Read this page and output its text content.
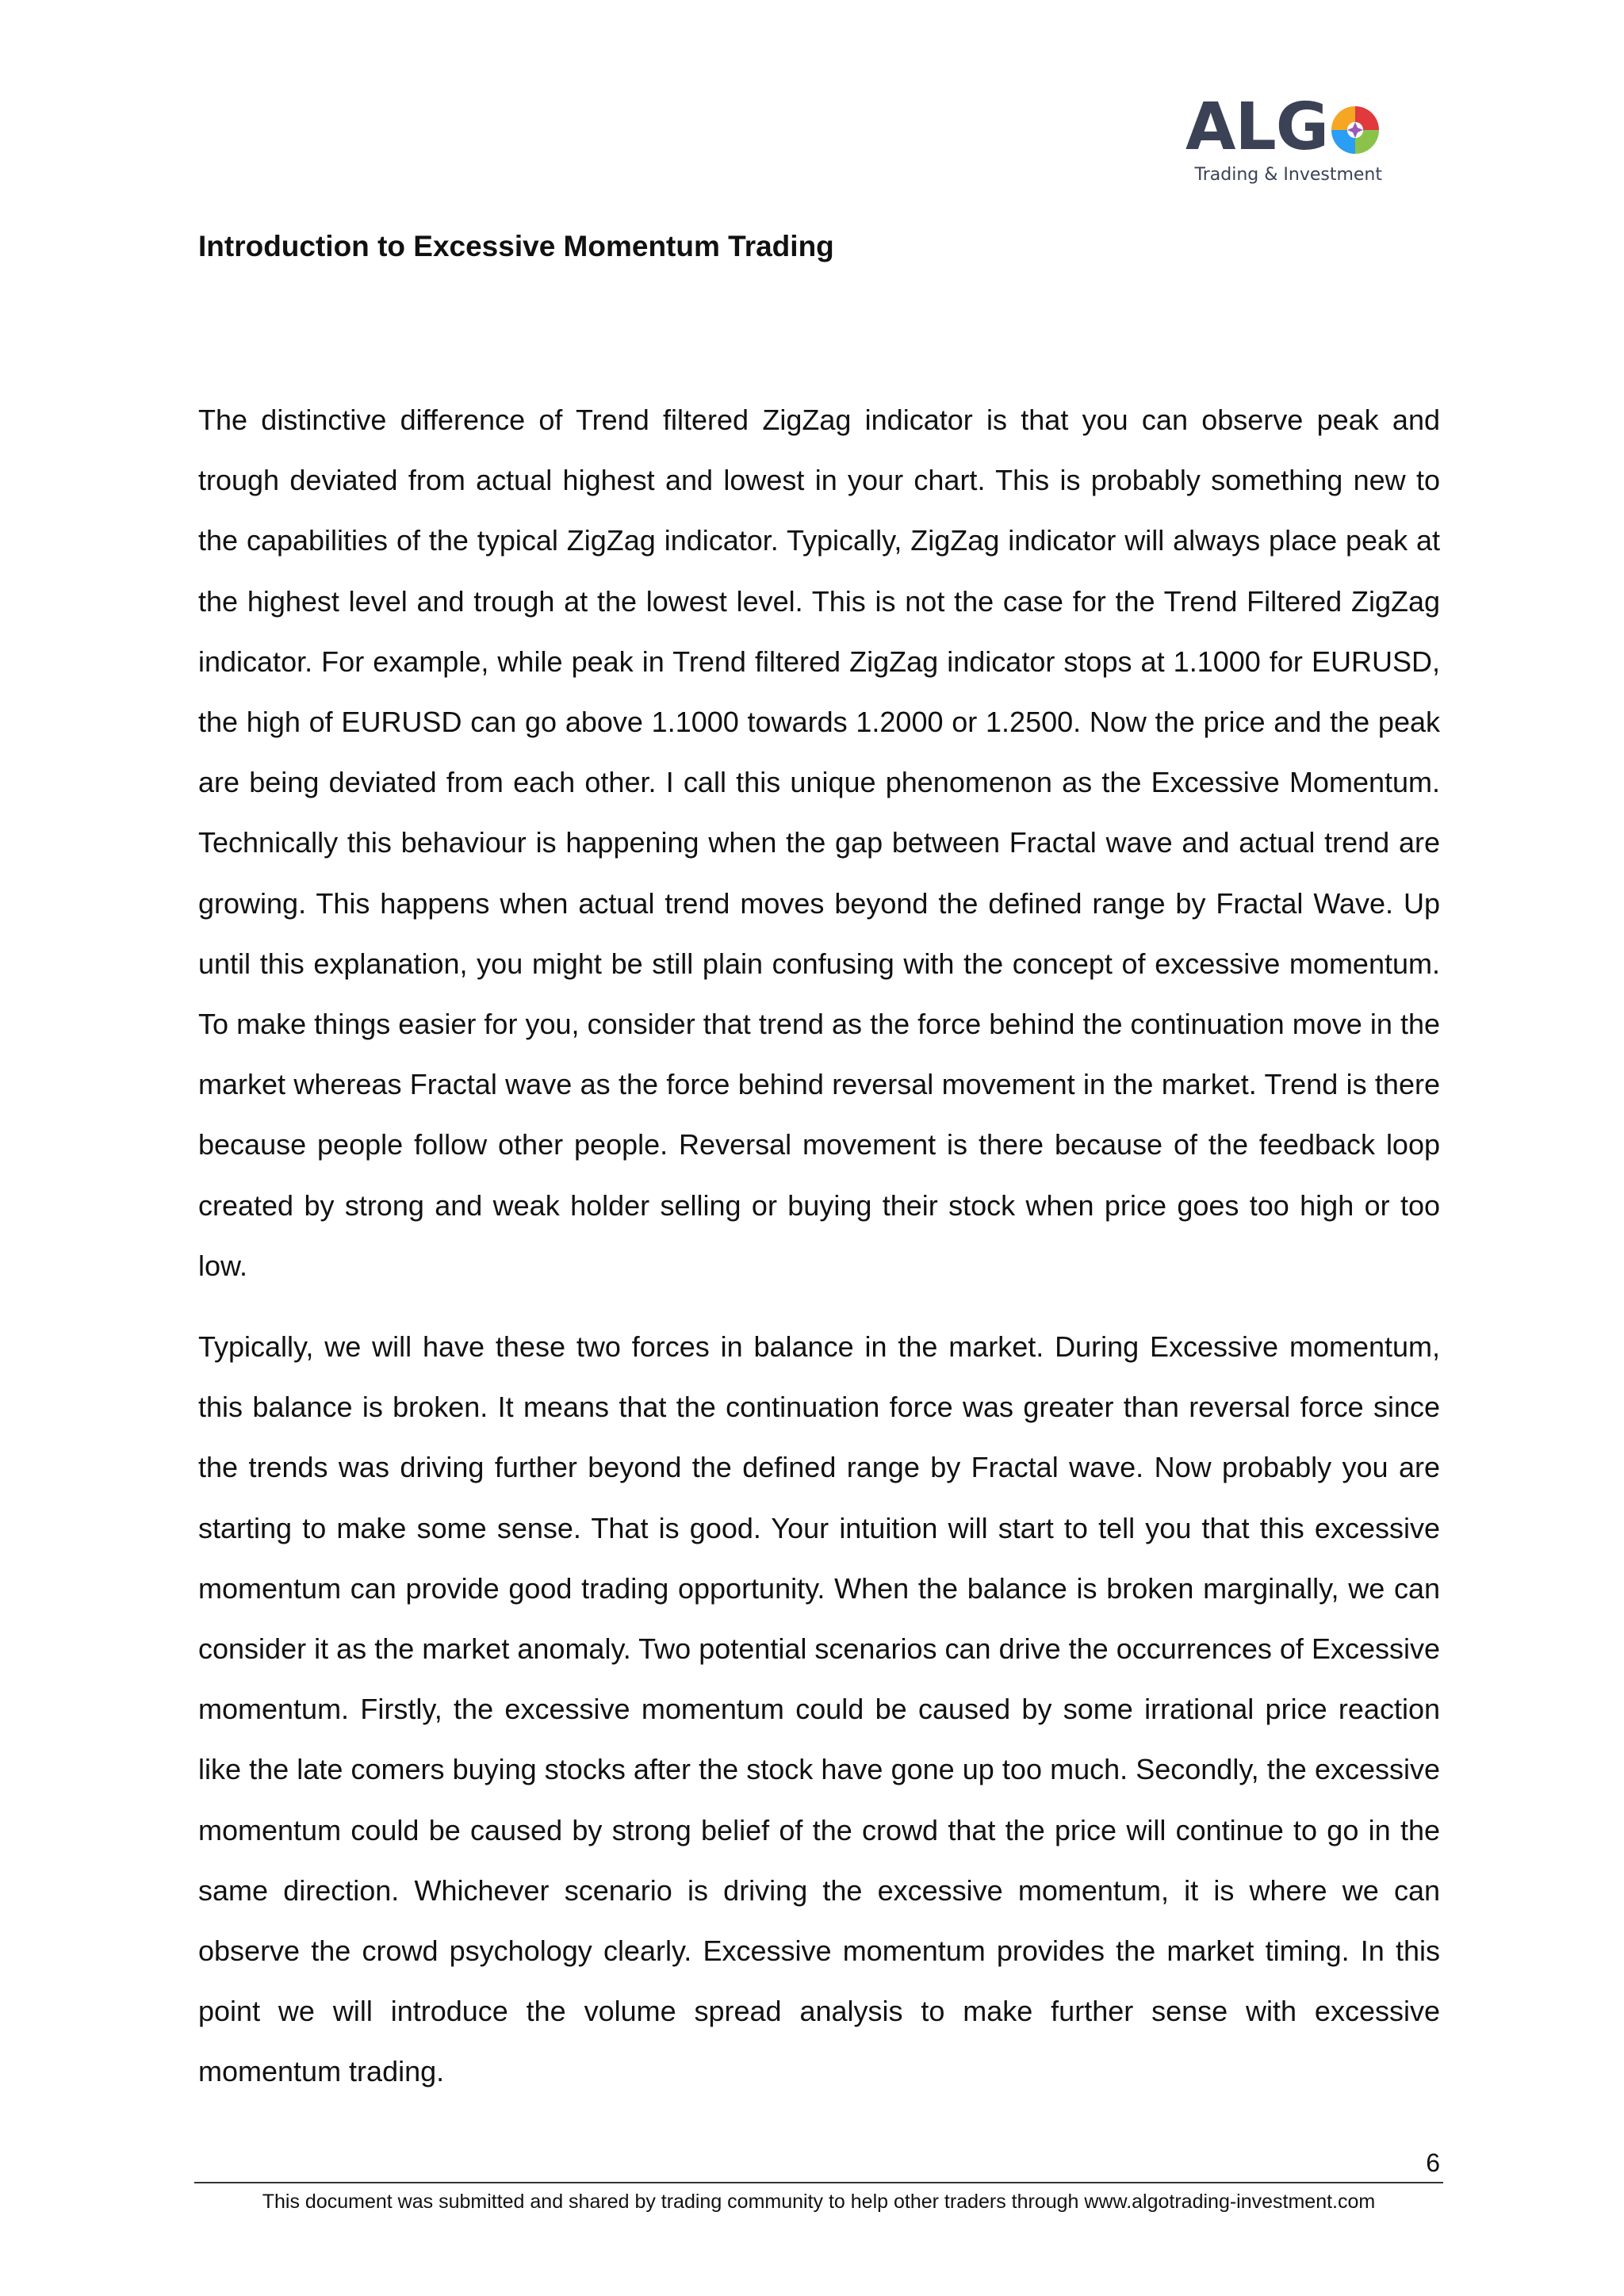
ALG
Trading & Investment
Introduction to Excessive Momentum Trading

The distinctive difference of Trend filtered ZigZag indicator is that you can observe peak and trough deviated from actual highest and lowest in your chart. This is probably something new to the capabilities of the typical ZigZag indicator. Typically, ZigZag indicator will always place peak at the highest level and trough at the lowest level. This is not the case for the Trend Filtered ZigZag indicator. For example, while peak in Trend filtered ZigZag indicator stops at 1.1000 for EURUSD, the high of EURUSD can go above 1.1000 towards 1.2000 or 1.2500. Now the price and the peak are being deviated from each other. I call this unique phenomenon as the Excessive Momentum. Technically this behaviour is happening when the gap between Fractal wave and actual trend are growing. This happens when actual trend moves beyond the defined range by Fractal Wave. Up until this explanation, you might be still plain confusing with the concept of excessive momentum. To make things easier for you, consider that trend as the force behind the continuation move in the market whereas Fractal wave as the force behind reversal movement in the market. Trend is there because people follow other people. Reversal movement is there because of the feedback loop created by strong and weak holder selling or buying their stock when price goes too high or too low.

Typically, we will have these two forces in balance in the market. During Excessive momentum, this balance is broken. It means that the continuation force was greater than reversal force since the trends was driving further beyond the defined range by Fractal wave. Now probably you are starting to make some sense. That is good. Your intuition will start to tell you that this excessive momentum can provide good trading opportunity. When the balance is broken marginally, we can consider it as the market anomaly. Two potential scenarios can drive the occurrences of Excessive momentum. Firstly, the excessive momentum could be caused by some irrational price reaction like the late comers buying stocks after the stock have gone up too much. Secondly, the excessive momentum could be caused by strong belief of the crowd that the price will continue to go in the same direction. Whichever scenario is driving the excessive momentum, it is where we can observe the crowd psychology clearly. Excessive momentum provides the market timing. In this point we will introduce the volume spread analysis to make further sense with excessive momentum trading.

6
This document was submitted and shared by trading community to help other traders through www.algotrading-investment.com
